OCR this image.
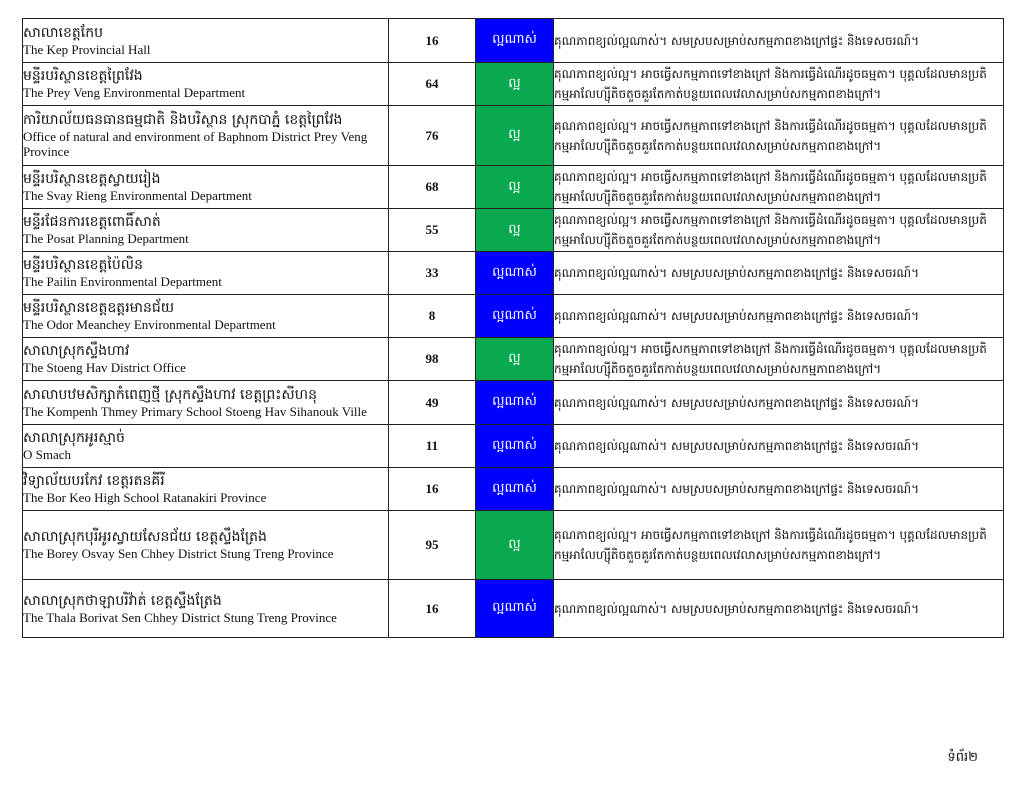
សាលាខេត្តកែប
The Kep Provincial Hall	16	ល្អណាស់	គុណភាពខ្យល់ល្អណាស់។ សមស្របសម្រាប់សកម្មភាពខាងក្រៅផ្ទះ និងទេសចរណ៍។

មន្ទីរបរិស្ថានខេត្តព្រៃវែង
The Prey Veng Environmental Department	64	ល្អ	គុណភាពខ្យល់ល្អ។ អាចធ្វើសកម្មភាពទៅខាងក្រៅ និងការធ្វើដំណើរដូចធម្មតា។ បុគ្គលដែលមានប្រតិកម្មអាលែហ្ស៊ីតិចតួចគួរតែកាត់បន្ថយពេលវេលាសម្រាប់សកម្មភាពខាងក្រៅ។

ការិយាល័យធនធានធម្មជាតិ និងបរិស្ថាន ស្រុកបាភ្នំ ខេត្តព្រៃវែង
Office of natural and environment of Baphnom District Prey Veng Province	76	ល្អ	គុណភាពខ្យល់ល្អ។ អាចធ្វើសកម្មភាពទៅខាងក្រៅ និងការធ្វើដំណើរដូចធម្មតា។ បុគ្គលដែលមានប្រតិកម្មអាលែហ្ស៊ីតិចតួចគួរតែកាត់បន្ថយពេលវេលាសម្រាប់សកម្មភាពខាងក្រៅ។

មន្ទីរបរិស្ថានខេត្តស្វាយរៀង
The Svay Rieng Environmental Department	68	ល្អ	គុណភាពខ្យល់ល្អ។ អាចធ្វើសកម្មភាពទៅខាងក្រៅ និងការធ្វើដំណើរដូចធម្មតា។ បុគ្គលដែលមានប្រតិកម្មអាលែហ្ស៊ីតិចតួចគួរតែកាត់បន្ថយពេលវេលាសម្រាប់សកម្មភាពខាងក្រៅ។

មន្ទីរផែនការខេត្តពោធិ៍សាត់
The Posat Planning Department	55	ល្អ	គុណភាពខ្យល់ល្អ។ អាចធ្វើសកម្មភាពទៅខាងក្រៅ និងការធ្វើដំណើរដូចធម្មតា។ បុគ្គលដែលមានប្រតិកម្មអាលែហ្ស៊ីតិចតួចគួរតែកាត់បន្ថយពេលវេលាសម្រាប់សកម្មភាពខាងក្រៅ។

មន្ទីរបរិស្ថានខេត្តប៉ៃលិន
The Pailin Environmental Department	33	ល្អណាស់	គុណភាពខ្យល់ល្អណាស់។ សមស្របសម្រាប់សកម្មភាពខាងក្រៅផ្ទះ និងទេសចរណ៍។

មន្ទីរបរិស្ថានខេត្តឧត្តរមានជ័យ
The Odor Meanchey Environmental Department	8	ល្អណាស់	គុណភាពខ្យល់ល្អណាស់។ សមស្របសម្រាប់សកម្មភាពខាងក្រៅផ្ទះ និងទេសចរណ៍។

សាលាស្រុកស្ទឹងហាវ
The Stoeng Hav District Office	98	ល្អ	គុណភាពខ្យល់ល្អ។ អាចធ្វើសកម្មភាពទៅខាងក្រៅ និងការធ្វើដំណើរដូចធម្មតា។ បុគ្គលដែលមានប្រតិកម្មអាលែហ្ស៊ីតិចតួចគួរតែកាត់បន្ថយពេលវេលាសម្រាប់សកម្មភាពខាងក្រៅ។

សាលាបឋមសិក្សាកំពេញថ្មី ស្រុកស្ទឹងហាវ ខេត្តព្រះសីហនុ
The Kompenh Thmey Primary School Stoeng Hav Sihanouk Ville	49	ល្អណាស់	គុណភាពខ្យល់ល្អណាស់។ សមស្របសម្រាប់សកម្មភាពខាងក្រៅផ្ទះ និងទេសចរណ៍។

សាលាស្រុកអូរស្មាច់
O Smach	11	ល្អណាស់	គុណភាពខ្យល់ល្អណាស់។ សមស្របសម្រាប់សកម្មភាពខាងក្រៅផ្ទះ និងទេសចរណ៍។

វិទ្យាល័យបរកែវ ខេត្តរតនគីរី
The Bor Keo High School Ratanakiri Province	16	ល្អណាស់	គុណភាពខ្យល់ល្អណាស់។ សមស្របសម្រាប់សកម្មភាពខាងក្រៅផ្ទះ និងទេសចរណ៍។

សាលាស្រុកបុរីអូរស្វាយសែនជ័យ ខេត្តស្ទឹងត្រែង
The Borey Osvay Sen Chhey District Stung Treng Province	95	ល្អ	គុណភាពខ្យល់ល្អ។ អាចធ្វើសកម្មភាពទៅខាងក្រៅ និងការធ្វើដំណើរដូចធម្មតា។ បុគ្គលដែលមានប្រតិកម្មអាលែហ្ស៊ីតិចតួចគួរតែកាត់បន្ថយពេលវេលាសម្រាប់សកម្មភាពខាងក្រៅ។

សាលាស្រុកថាឡាបរិវ៉ាត់ ខេត្តស្ទឹងត្រែង
The Thala Borivat Sen Chhey District Stung Treng Province	16	ល្អណាស់	គុណភាពខ្យល់ល្អណាស់។ សមស្របសម្រាប់សកម្មភាពខាងក្រៅផ្ទះ និងទេសចរណ៍។
ទំព័រ២
